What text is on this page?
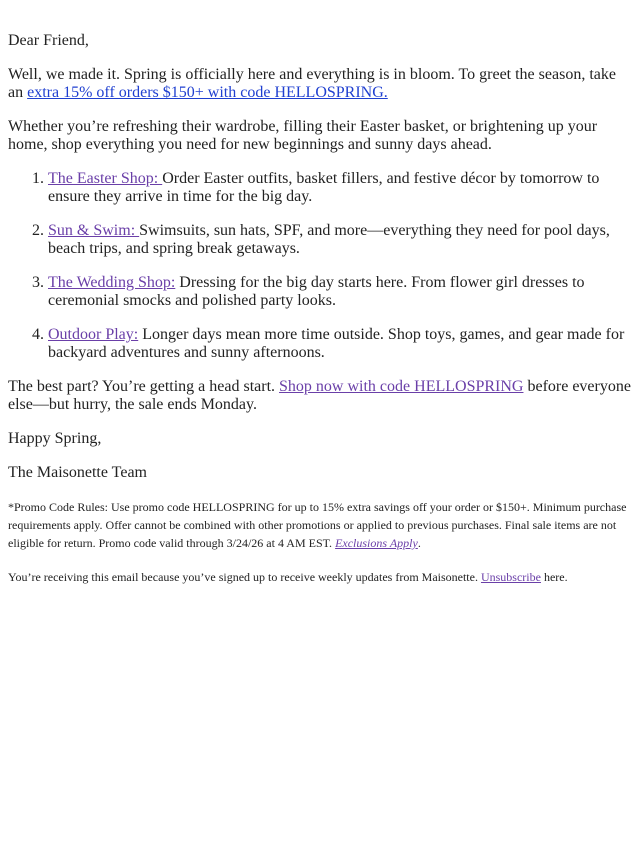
Dear Friend,

Well, we made it. Spring is officially here and everything is in bloom. To greet the season, take an extra 15% off orders $150+ with code HELLOSPRING.

Whether you’re refreshing their wardrobe, filling their Easter basket, or brightening up your home, shop everything you need for new beginnings and sunny days ahead.

1. The Easter Shop: Order Easter outfits, basket fillers, and festive décor by tomorrow to ensure they arrive in time for the big day.
2. Sun & Swim: Swimsuits, sun hats, SPF, and more—everything they need for pool days, beach trips, and spring break getaways.
3. The Wedding Shop: Dressing for the big day starts here. From flower girl dresses to ceremonial smocks and polished party looks.
4. Outdoor Play: Longer days mean more time outside. Shop toys, games, and gear made for backyard adventures and sunny afternoons.

The best part? You’re getting a head start. Shop now with code HELLOSPRING before everyone else—but hurry, the sale ends Monday.

Happy Spring,

The Maisonette Team

*Promo Code Rules: Use promo code HELLOSPRING for up to 15% extra savings off your order or $150+. Minimum purchase requirements apply. Offer cannot be combined with other promotions or applied to previous purchases. Final sale items are not eligible for return. Promo code valid through 3/24/26 at 4 AM EST. Exclusions Apply.

You’re receiving this email because you’ve signed up to receive weekly updates from Maisonette. Unsubscribe here.
